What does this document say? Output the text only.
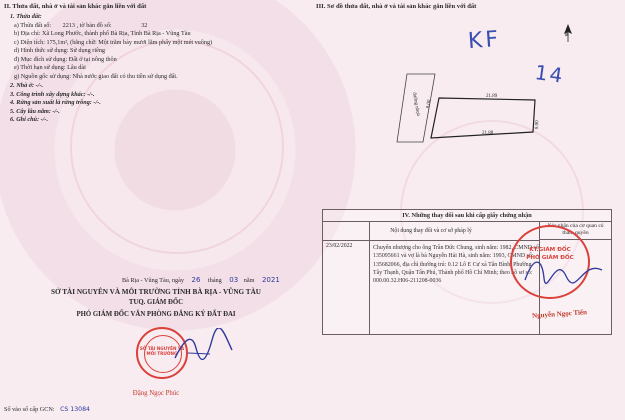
II. Thửa đất, nhà ở và tài sản khác gắn liền với đất
1. Thửa đất:
a) Thửa đất số: 2213 , tờ bản đồ số:	32
b) Địa chỉ: Xã Long Phước, thành phố Bà Rịa, Tỉnh Bà Rịa - Vũng Tàu
c) Diện tích: 175,1m², (bằng chữ: Một trăm bảy mươi lăm phẩy một mét vuông)
d) Hình thức sử dụng: Sử dụng riêng
đ) Mục đích sử dụng: Đất ở tại nông thôn
e) Thời hạn sử dụng: Lâu dài
g) Nguồn gốc sử dụng: Nhà nước giao đất có thu tiền sử dụng đất.
2. Nhà ở: -/-.
3. Công trình xây dựng khác: -/-.
4. Rừng sản xuất là rừng trồng: -/-.
5. Cây lâu năm: -/-.
6. Ghi chú: -/-.
Bà Rịa - Vũng Tàu, ngày 26 tháng 03 năm 2021
SỞ TÀI NGUYÊN VÀ MÔI TRƯỜNG TỈNH BÀ RỊA - VŨNG TÀU
TUQ. GIÁM ĐỐC
PHÓ GIÁM ĐỐC VĂN PHÒNG ĐĂNG KÝ ĐẤT ĐAI
SỞ TÀI NGUYÊN VÀ MÔI TRƯỜNG
Đặng Ngọc Phúc
Số vào số cấp GCN: CS 13084
III. Sơ đồ thửa đất, nhà ở và tài sản khác gắn liền với đất
KF
14
B
đường nhựa	21.89
21.88
8.00
8.00
IV. Những thay đổi sau khi cấp giấy chứng nhận
Nội dung thay đổi và cơ sở pháp lý
Xác nhận của cơ quan có thẩm quyền
23/02/2022	Chuyển nhượng cho ông Trần Đức Chung, sinh năm: 1982, CMND số: 135095661 và vợ là bà Nguyễn Hải Hà, sinh năm: 1993, CMND số: 135682066, địa chỉ thường trú: 0.12 Lô E Cư xá Tân Bình, Phường Tây Thạnh, Quận Tân Phú, Thành phố Hồ Chí Minh; theo hồ sơ số: 000.00.32.H06-211208-0036
KT.GIÁM ĐỐC
PHÓ GIÁM ĐỐC
Nguyễn Ngọc Tiến
